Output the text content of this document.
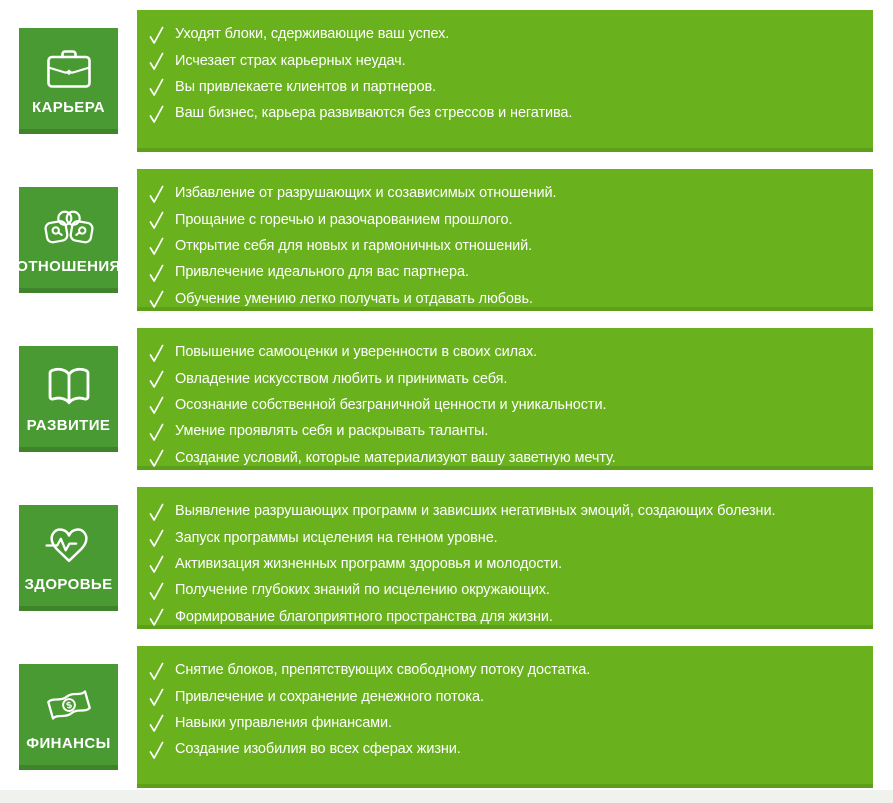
КАРЬЕРА
Уходят блоки, сдерживающие ваш успех.
Исчезает страх карьерных неудач.
Вы привлекаете клиентов и партнеров.
Ваш бизнес, карьера развиваются без стрессов и негатива.
ОТНОШЕНИЯ
Избавление от разрушающих и созависимых отношений.
Прощание с горечью и разочарованием прошлого.
Открытие себя для новых и гармоничных отношений.
Привлечение идеального для вас партнера.
Обучение умению легко получать и отдавать любовь.
РАЗВИТИЕ
Повышение самооценки и уверенности в своих силах.
Овладение искусством любить и принимать себя.
Осознание собственной безграничной ценности и уникальности.
Умение проявлять себя и раскрывать таланты.
Создание условий, которые материализуют вашу заветную мечту.
ЗДОРОВЬЕ
Выявление разрушающих программ и зависших негативных эмоций, создающих болезни.
Запуск программы исцеления на генном уровне.
Активизация жизненных программ здоровья и молодости.
Получение глубоких знаний по исцелению окружающих.
Формирование благоприятного пространства для жизни.
ФИНАНСЫ
Снятие блоков, препятствующих свободному потоку достатка.
Привлечение и сохранение денежного потока.
Навыки управления финансами.
Создание изобилия во всех сферах жизни.
